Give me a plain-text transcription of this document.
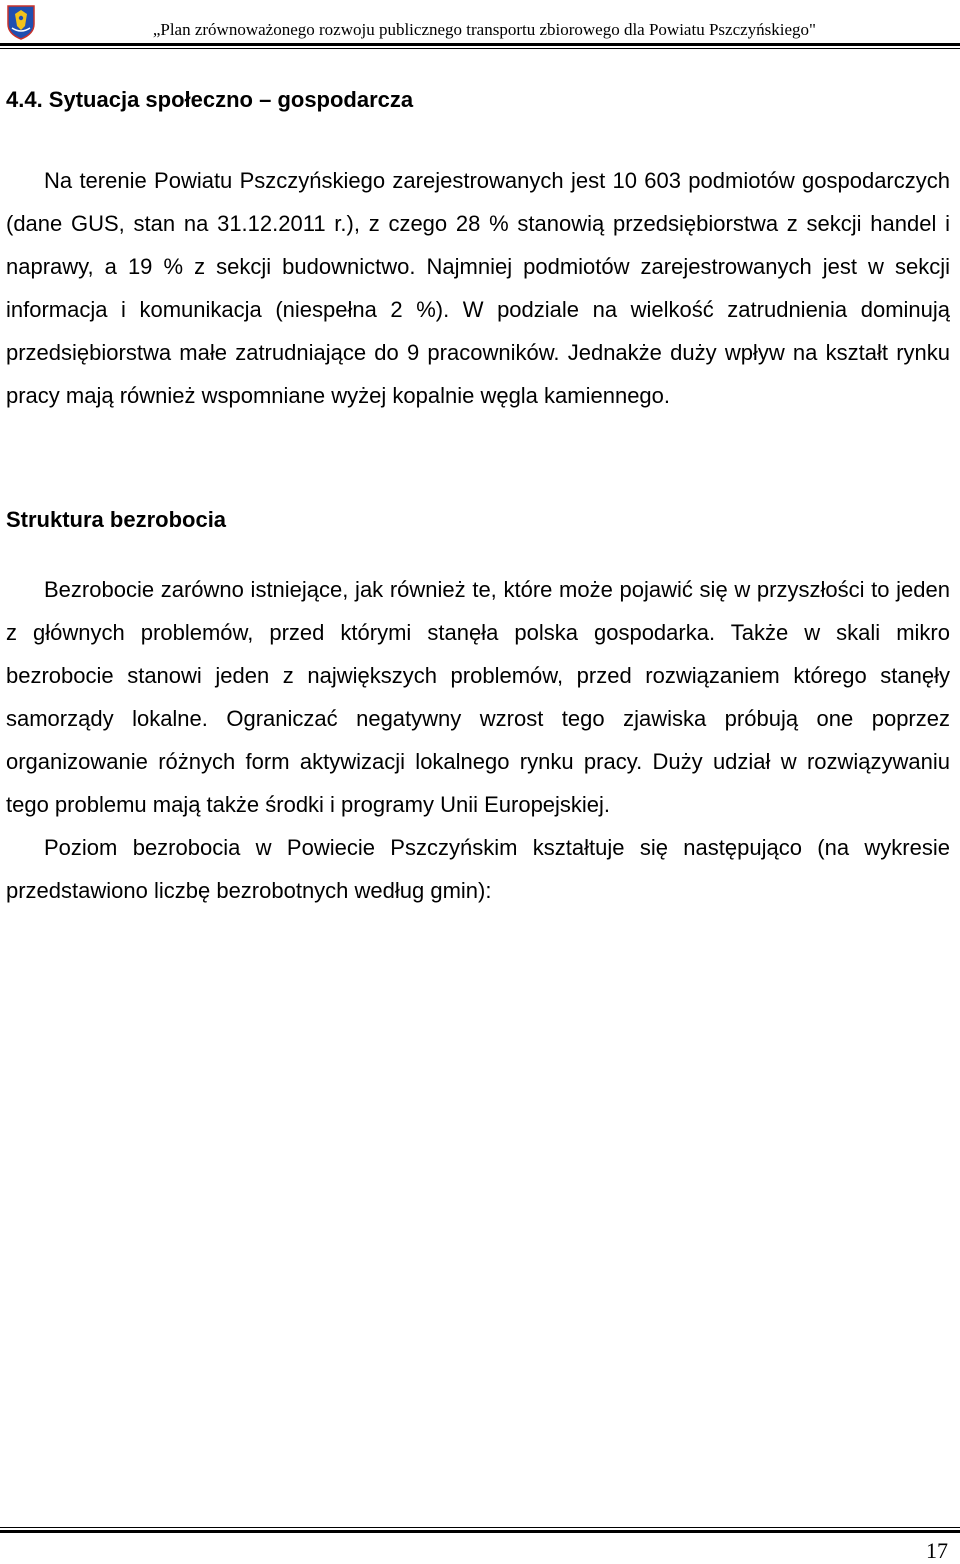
„Plan zrównoważonego rozwoju publicznego transportu zbiorowego dla Powiatu Pszczyńskiego"
4.4. Sytuacja społeczno – gospodarcza

Na terenie Powiatu Pszczyńskiego zarejestrowanych jest 10 603 podmiotów gospodarczych (dane GUS, stan na 31.12.2011 r.), z czego 28 % stanowią przedsiębiorstwa z sekcji handel i naprawy, a 19 % z sekcji budownictwo. Najmniej podmiotów zarejestrowanych jest w sekcji informacja i komunikacja (niespełna 2 %). W podziale na wielkość zatrudnienia dominują przedsiębiorstwa małe zatrudniające do 9 pracowników. Jednakże duży wpływ na kształt rynku pracy mają również wspomniane wyżej kopalnie węgla kamiennego.

Struktura bezrobocia

Bezrobocie zarówno istniejące, jak również te, które może pojawić się w przyszłości to jeden z głównych problemów, przed którymi stanęła polska gospodarka. Także w skali mikro bezrobocie stanowi jeden z największych problemów, przed rozwiązaniem którego stanęły samorządy lokalne. Ograniczać negatywny wzrost tego zjawiska próbują one poprzez organizowanie różnych form aktywizacji lokalnego rynku pracy. Duży udział w rozwiązywaniu tego problemu mają także środki i programy Unii Europejskiej.

Poziom bezrobocia w Powiecie Pszczyńskim kształtuje się następująco (na wykresie przedstawiono liczbę bezrobotnych według gmin):

17
